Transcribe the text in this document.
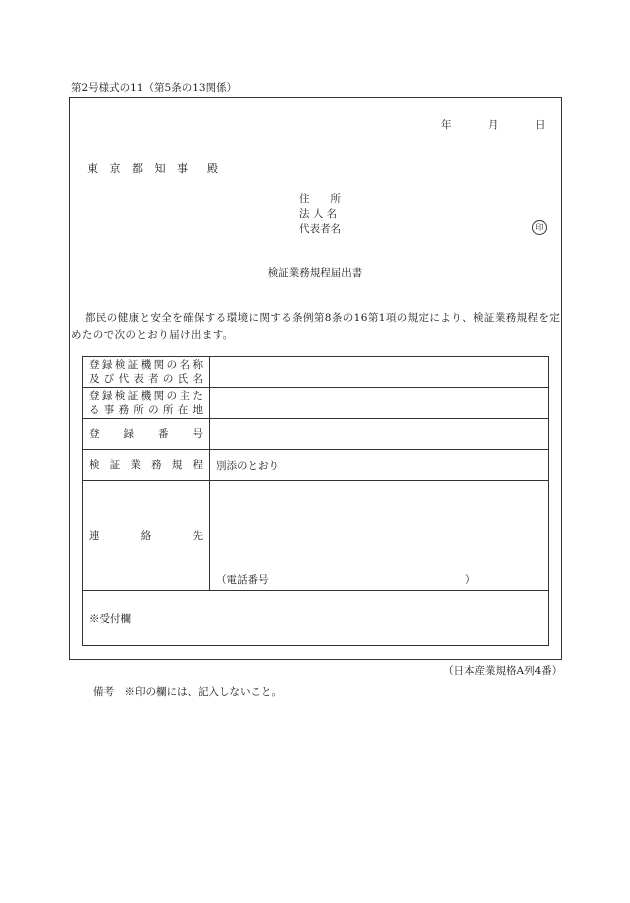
第2号様式の11（第5条の13関係）
年	月	日
東 京 都 知 事　殿
住　　所
法 人 名
代表者名	印
検証業務規程届出書
都民の健康と安全を確保する環境に関する条例第8条の16第1項の規定により、検証業務規程を定めたので次のとおり届け出ます。
登録検証機関の名称
及び代表者の氏名	

登録検証機関の主た
る事務所の所在地	

登録番号	

検証業務規程	別添のとおり

連絡先	（電話番号 ）

※受付欄	
（日本産業規格A列4番）
備考　※印の欄には、記入しないこと。
